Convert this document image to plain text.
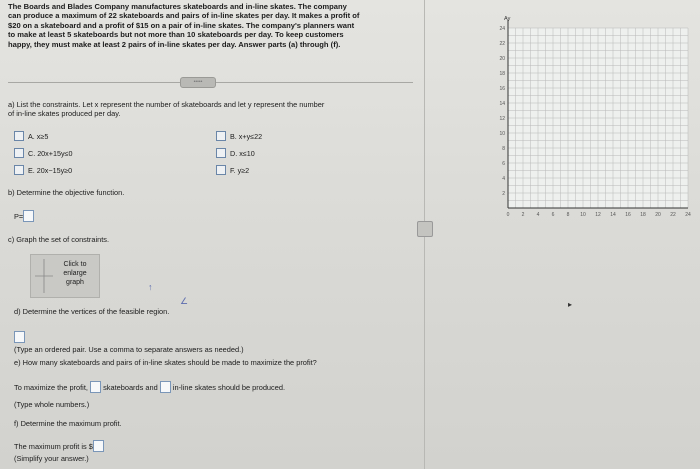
The Boards and Blades Company manufactures skateboards and in-line skates. The company

can produce a maximum of 22 skateboards and pairs of in-line skates per day. It makes a profit of

$20 on a skateboard and a profit of $15 on a pair of in-line skates. The company's planners want

to make at least 5 skateboards but not more than 10 skateboards per day. To keep customers

happy, they must make at least 2 pairs of in-line skates per day. Answer parts (a) through (f).

•••••
a) List the constraints. Let x represent the number of skateboards and let y represent the number
of in-line skates produced per day.
A.
x≥5	B.
x+y≤22
C.
20x+15y≤0	D.
x≤10
E.
20x−15y≥0	F.
y≥2
b) Determine the objective function.
P=
c) Graph the set of constraints.
Click to
enlarge
graph	↑
∠
d) Determine the vertices of the feasible region.
(Type an ordered pair. Use a comma to separate answers as needed.)
e) How many skateboards and pairs of in-line skates should be made to maximize the profit?
To maximize the profit,

skateboards and

in-line skates should be produced.
(Type whole numbers.)
f) Determine the maximum profit.
The maximum profit is $
(Simplify your answer.)
Ay
0 2 4 6 8 10 12 14 16 18 20 22 24
2
4
6
8
10
12
14
16
18
20
22
24
▸
